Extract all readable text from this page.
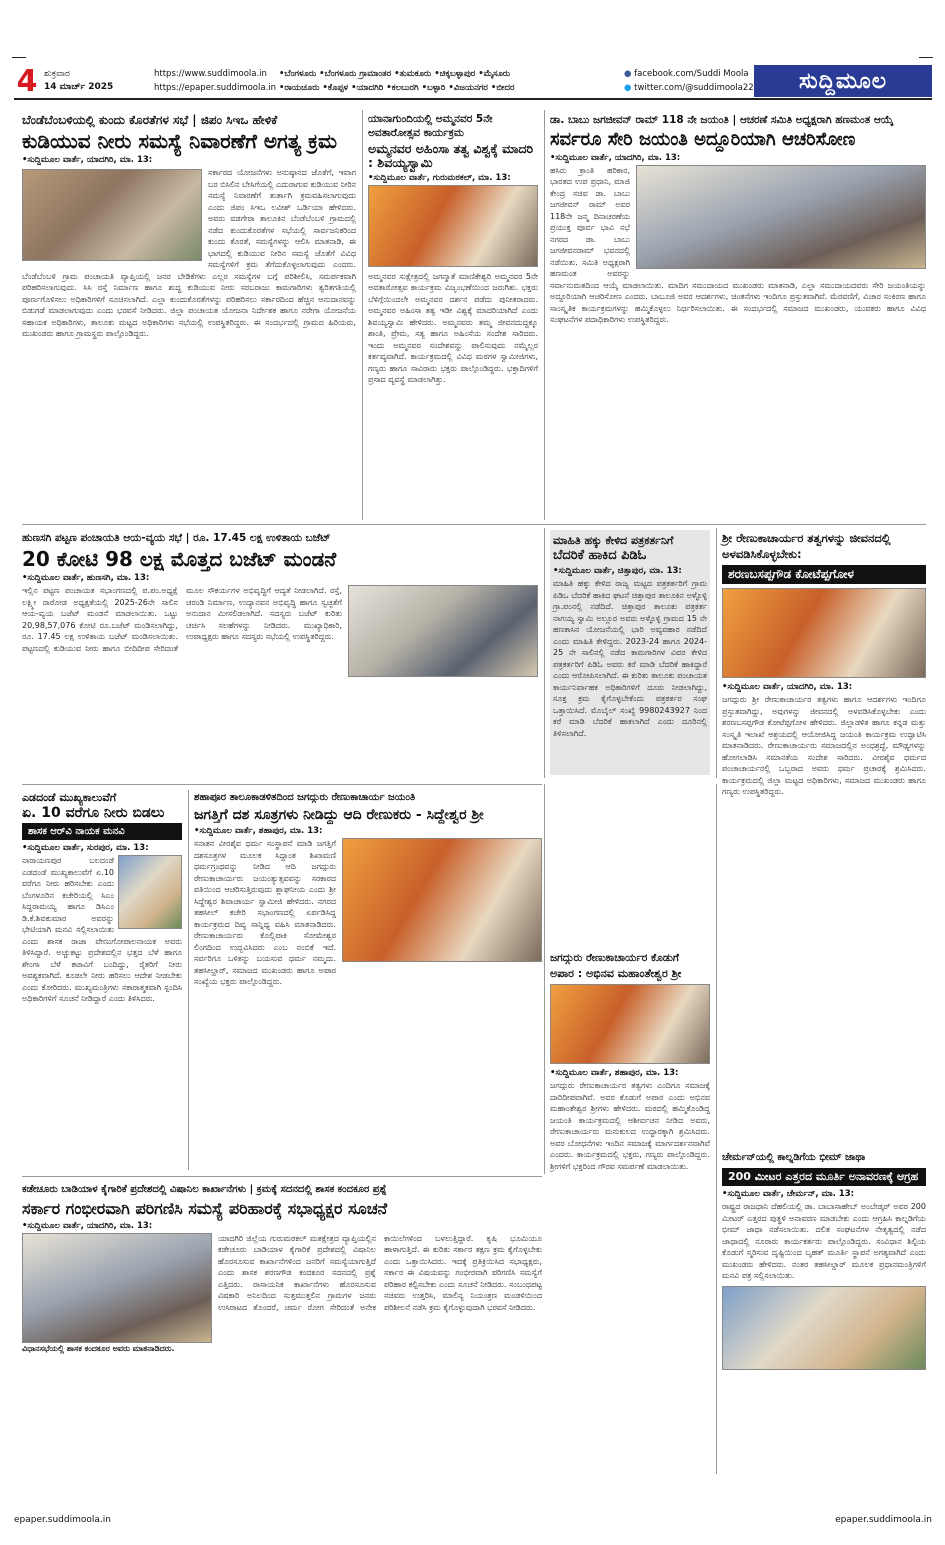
4 ಶುಕ್ರವಾರ
14 ಮಾರ್ಚ್ 2025
https://www.suddimoola.in
https://epaper.suddimoola.in
•ಬೆಂಗಳೂರು •ಬೆಂಗಳೂರು ಗ್ರಾಮಾಂತರ •ತುಮಕೂರು •ಚಿಕ್ಕಬಳ್ಳಾಪುರ •ಮೈಸೂರು
•ರಾಯಚೂರು •ಕೊಪ್ಪಳ •ಯಾದಗಿರಿ •ಕಲಬುರಗಿ •ಬಳ್ಳಾರಿ •ವಿಜಯನಗರ •ಬೀದರ
● facebook.com/Suddi Moola
● twitter.com/@suddimoola22	ಸುದ್ದಿಮೂಲ
ಬೆಂಡೆಬೆಂಬಳಿಯಲ್ಲಿ ಕುಂದು ಕೊರತೆಗಳ ಸಭೆ | ಜಿಪಂ ಸಿಇಒ ಹೇಳಿಕೆ
ಕುಡಿಯುವ ನೀರು ಸಮಸ್ಯೆ ನಿವಾರಣೆಗೆ ಅಗತ್ಯ ಕ್ರಮ
•ಸುದ್ದಿಮೂಲ ವಾರ್ತೆ, ಯಾದಗಿರಿ, ಮಾ. 13:
ಸರ್ಕಾರದ ಯೋಜನೆಗಳು ಅನುಷ್ಠಾನದ ಜೊತೆಗೆ, ಇವಾಗ ಬರ ಬಿಸಿಲಿನ ಬೇಸಿಗೆಯಲ್ಲಿ ಎದುರಾಗುವ ಕುಡಿಯುವ ನೀರಿನ ಸಮಸ್ಯೆ ನಿವಾರಣೆಗೆ ತುರ್ತಾಗಿ ಕ್ರಮವಹಿಸಲಾಗುವುದು ಎಂದು ಜಿಪಂ ಸಿಇಒ ಲವೀಶ್ ಒರ್ಡಿಯಾ ಹೇಳಿದರು. ಅವರು ವಡಗೇರಾ ತಾಲೂಕಿನ ಬೆಂಡೆಬೆಂಬಳಿ ಗ್ರಾಮದಲ್ಲಿ ನಡೆದ ಕುಂದುಕೊರತೆಗಳ ಸಭೆಯಲ್ಲಿ ಸಾರ್ವಜನಿಕರಿಂದ ಕುಂದು ಕೊರತೆ, ಸಮಸ್ಯೆಗಳನ್ನು ಆಲಿಸಿ ಮಾತನಾಡಿ, ಈ ಭಾಗದಲ್ಲಿ ಕುಡಿಯುವ ನೀರಿನ ಸಮಸ್ಯೆ ಜೊತೆಗೆ ವಿವಿಧ ಸಮಸ್ಯೆಗಳಿಗೆ ಕ್ರಮ ತೆಗೆದುಕೊಳ್ಳಲಾಗುವುದು ಎಂದರು. ಬೆಂಡೆಬೆಂಬಳಿ ಗ್ರಾಮ ಪಂಚಾಯತಿ ವ್ಯಾಪ್ತಿಯಲ್ಲಿ ಜನರ ಬೇಡಿಕೆಗಳು ಎಲ್ಲರ ಸಮಸ್ಯೆಗಳ ಬಗ್ಗೆ ಪರಿಶೀಲಿಸಿ, ಸಮರ್ಪಕವಾಗಿ ಪರಿಹರಿಸಲಾಗುವುದು. ಸಿಸಿ ರಸ್ತೆ ನಿರ್ಮಾಣ ಹಾಗೂ ಶುದ್ಧ ಕುಡಿಯುವ ನೀರು ಸರಬರಾಜು ಕಾಮಗಾರಿಗಳು ತ್ವರಿತಗತಿಯಲ್ಲಿ ಪೂರ್ಣಗೊಳಿಸಲು ಅಧಿಕಾರಿಗಳಿಗೆ ಸೂಚಿಸಲಾಗಿದೆ. ಎಲ್ಲಾ ಕುಂದುಕೊರತೆಗಳನ್ನು ಪರಿಹರಿಸಲು ಸರ್ಕಾರದಿಂದ ಹೆಚ್ಚಿನ ಅನುದಾನವನ್ನು ಬಿಡುಗಡೆ ಮಾಡಲಾಗುವುದು ಎಂದು ಭರವಸೆ ನೀಡಿದರು. ಜಿಲ್ಲಾ ಪಂಚಾಯತ ಯೋಜನಾ ನಿರ್ದೇಶಕ ಹಾಗೂ ನರೇಗಾ ಯೋಜನೆಯ ಸಹಾಯಕ ಅಧಿಕಾರಿಗಳು, ತಾಲೂಕು ಮಟ್ಟದ ಅಧಿಕಾರಿಗಳು ಸಭೆಯಲ್ಲಿ ಉಪಸ್ಥಿತರಿದ್ದರು. ಈ ಸಂದರ್ಭದಲ್ಲಿ ಗ್ರಾಮದ ಹಿರಿಯರು, ಮುಖಂಡರು ಹಾಗೂ ಗ್ರಾಮಸ್ಥರು ಪಾಲ್ಗೊಂಡಿದ್ದರು.
ಯಾನಾಗುಂದಿಯಲ್ಲಿ ಅಮ್ಮನವರ 5ನೇ ಅವತಾರೋತ್ಸವ ಕಾರ್ಯಕ್ರಮ
ಅಮ್ಮನವರ ಅಹಿಂಸಾ ತತ್ವ ವಿಶ್ವಕ್ಕೆ ಮಾದರಿ : ಶಿವಯ್ಯಸ್ವಾಮಿ
•ಸುದ್ದಿಮೂಲ ವಾರ್ತೆ, ಗುರುಮಠಕಲ್, ಮಾ. 13:
ಅಮ್ಮನವರ ಸುಕ್ಷೇತ್ರದಲ್ಲಿ ಜಗನ್ಮಾತೆ ಮಾಣಿಕೇಶ್ವರಿ ಅಮ್ಮನವರ 5ನೇ ಅವತಾರೋತ್ಸವ ಕಾರ್ಯಕ್ರಮ ವಿಜೃಂಭಣೆಯಿಂದ ಜರುಗಿತು. ಭಕ್ತರು ಬೆಳಿಗ್ಗೆಯಿಂದಲೇ ಅಮ್ಮನವರ ದರ್ಶನ ಪಡೆದು ಪುನೀತರಾದರು. ಅಮ್ಮನವರ ಅಹಿಂಸಾ ತತ್ವ ಇಡೀ ವಿಶ್ವಕ್ಕೆ ಮಾದರಿಯಾಗಿದೆ ಎಂದು ಶಿವಯ್ಯಸ್ವಾಮಿ ಹೇಳಿದರು. ಅಮ್ಮನವರು ತಮ್ಮ ಜೀವನದುದ್ದಕ್ಕೂ ಶಾಂತಿ, ಪ್ರೇಮ, ಸತ್ಯ ಹಾಗೂ ಅಹಿಂಸೆಯ ಸಂದೇಶ ಸಾರಿದರು. ಇಂದು ಅಮ್ಮನವರ ಸಂದೇಶವನ್ನು ಪಾಲಿಸುವುದು ನಮ್ಮೆಲ್ಲರ ಕರ್ತವ್ಯವಾಗಿದೆ. ಕಾರ್ಯಕ್ರಮದಲ್ಲಿ ವಿವಿಧ ಮಠಗಳ ಸ್ವಾಮೀಜಿಗಳು, ಗಣ್ಯರು ಹಾಗೂ ಸಾವಿರಾರು ಭಕ್ತರು ಪಾಲ್ಗೊಂಡಿದ್ದರು. ಭಕ್ತಾದಿಗಳಿಗೆ ಪ್ರಸಾದ ವ್ಯವಸ್ಥೆ ಮಾಡಲಾಗಿತ್ತು.
ಡಾ. ಬಾಬು ಜಗಜೀವನ್ ರಾಮ್ 118 ನೇ ಜಯಂತಿ | ಆಚರಣೆ ಸಮಿತಿ ಅಧ್ಯಕ್ಷರಾಗಿ ಹಣಮಂತ ಆಯ್ಕೆ
ಸರ್ವರೂ ಸೇರಿ ಜಯಂತಿ ಅದ್ದೂರಿಯಾಗಿ ಆಚರಿಸೋಣ
•ಸುದ್ದಿಮೂಲ ವಾರ್ತೆ, ಯಾದಗಿರಿ, ಮಾ. 13:
ಹಸಿರು ಕ್ರಾಂತಿ ಹರಿಕಾರ, ಭಾರತದ ಉಪ ಪ್ರಧಾನಿ, ಮಾಜಿ ಕೇಂದ್ರ ಸಚಿವ ಡಾ. ಬಾಬು ಜಗಜೀವನ್ ರಾಮ್ ಅವರ 118ನೇ ಜನ್ಮ ದಿನಾಚರಣೆಯ ಪ್ರಯುಕ್ತ ಪೂರ್ವ ಭಾವಿ ಸಭೆ ನಗರದ ಡಾ. ಬಾಬು ಜಗಜೀವನರಾಮ್ ಭವನದಲ್ಲಿ ನಡೆಯಿತು. ಸಮಿತಿ ಅಧ್ಯಕ್ಷರಾಗಿ ಹಣಮಂತ ಅವರನ್ನು ಸರ್ವಾನುಮತದಿಂದ ಆಯ್ಕೆ ಮಾಡಲಾಯಿತು. ಮಾದಿಗ ಸಮುದಾಯದ ಮುಖಂಡರು ಮಾತನಾಡಿ, ಎಲ್ಲಾ ಸಮುದಾಯದವರು ಸೇರಿ ಜಯಂತಿಯನ್ನು ಅದ್ದೂರಿಯಾಗಿ ಆಚರಿಸೋಣ ಎಂದರು. ಬಾಬೂಜಿ ಅವರ ಆದರ್ಶಗಳು, ಚಿಂತನೆಗಳು ಇಂದಿಗೂ ಪ್ರಸ್ತುತವಾಗಿವೆ. ಮೆರವಣಿಗೆ, ವಿಚಾರ ಸಂಕಿರಣ ಹಾಗೂ ಸಾಂಸ್ಕೃತಿಕ ಕಾರ್ಯಕ್ರಮಗಳನ್ನು ಹಮ್ಮಿಕೊಳ್ಳಲು ನಿರ್ಧರಿಸಲಾಯಿತು. ಈ ಸಂದರ್ಭದಲ್ಲಿ ಸಮಾಜದ ಮುಖಂಡರು, ಯುವಕರು ಹಾಗೂ ವಿವಿಧ ಸಂಘಟನೆಗಳ ಪದಾಧಿಕಾರಿಗಳು ಉಪಸ್ಥಿತರಿದ್ದರು.
ಹುಣಸಗಿ ಪಟ್ಟಣ ಪಂಚಾಯತಿ ಆಯ-ವ್ಯಯ ಸಭೆ | ರೂ. 17.45 ಲಕ್ಷ ಉಳಿತಾಯ ಬಜೆಟ್
20 ಕೋಟಿ 98 ಲಕ್ಷ ಮೊತ್ತದ ಬಜೆಟ್ ಮಂಡನೆ
•ಸುದ್ದಿಮೂಲ ವಾರ್ತೆ, ಹುಣಸಗಿ, ಮಾ. 13:
ಇಲ್ಲಿನ ಪಟ್ಟಣ ಪಂಚಾಯತ ಸಭಾಂಗಣದಲ್ಲಿ ಪ.ಪಂ.ಅಧ್ಯಕ್ಷೆ ಲಕ್ಷ್ಮೀ ರಾಠೋಡ ಅಧ್ಯಕ್ಷತೆಯಲ್ಲಿ 2025-26ನೇ ಸಾಲಿನ ಆಯ-ವ್ಯಯ ಬಜೆಟ್ ಮಂಡನೆ ಮಾಡಲಾಯಿತು. ಒಟ್ಟು 20,98,57,076 ಕೋಟಿ ರೂ.ಬಜೆಟ್ ಮಂಡಿಸಲಾಗಿದ್ದು, ರೂ. 17.45 ಲಕ್ಷ ಉಳಿತಾಯ ಬಜೆಟ್ ಮಂಡಿಸಲಾಯಿತು. ಪಟ್ಟಣದಲ್ಲಿ ಕುಡಿಯುವ ನೀರು ಹಾಗೂ ಬೀದಿದೀಪ ಸೇರಿದಂತೆ ಮೂಲ ಸೌಕರ್ಯಗಳ ಅಭಿವೃದ್ಧಿಗೆ ಆದ್ಯತೆ ನೀಡಲಾಗಿದೆ. ರಸ್ತೆ, ಚರಂಡಿ ನಿರ್ಮಾಣ, ಉದ್ಯಾನವನ ಅಭಿವೃದ್ಧಿ ಹಾಗೂ ಸ್ವಚ್ಛತೆಗೆ ಅನುದಾನ ಮೀಸಲಿಡಲಾಗಿದೆ. ಸದಸ್ಯರು ಬಜೆಟ್ ಕುರಿತು ಚರ್ಚಿಸಿ ಸಲಹೆಗಳನ್ನು ನೀಡಿದರು. ಮುಖ್ಯಾಧಿಕಾರಿ, ಉಪಾಧ್ಯಕ್ಷರು ಹಾಗೂ ಸದಸ್ಯರು ಸಭೆಯಲ್ಲಿ ಉಪಸ್ಥಿತರಿದ್ದರು.
ಮಾಹಿತಿ ಹಕ್ಕು ಕೇಳಿದ ಪತ್ರಕರ್ತನಿಗೆ
ಬೆದರಿಕೆ ಹಾಕಿದ ಪಿಡಿಓ
•ಸುದ್ದಿಮೂಲ ವಾರ್ತೆ, ಚಿತ್ತಾಪುರ, ಮಾ. 13:
ಮಾಹಿತಿ ಹಕ್ಕು ಕೇಳಿದ ರಾಜ್ಯ ಮಟ್ಟದ ಪತ್ರಕರ್ತರಿಗೆ ಗ್ರಾಮ ಪಿಡಿಒ ಬೆದರಿಕೆ ಹಾಕಿದ ಘಟನೆ ಚಿತ್ತಾಪುರ ತಾಲೂಕಿನ ಅಳ್ಳೊಳ್ಳಿ ಗ್ರಾ.ಪಂನಲ್ಲಿ ನಡೆದಿದೆ. ಚಿತ್ತಾಪುರ ತಾಲೂಕು ಪತ್ರಕರ್ತ ನಾಗಯ್ಯ ಸ್ವಾಮಿ ಅಲ್ಲೂರ ಅವರು ಅಳ್ಳೊಳ್ಳಿ ಗ್ರಾಮದ 15 ನೇ ಹಣಕಾಸಿನ ಯೋಜನೆಯಲ್ಲಿ ಭಾರಿ ಅವ್ಯವಹಾರ ನಡೆದಿದೆ ಎಂದು ಮಾಹಿತಿ ಕೇಳಿದ್ದರು. 2023-24 ಹಾಗೂ 2024-25 ನೇ ಸಾಲಿನಲ್ಲಿ ನಡೆದ ಕಾಮಗಾರಿಗಳ ವಿವರ ಕೇಳಿದ ಪತ್ರಕರ್ತರಿಗೆ ಪಿಡಿಓ ಅವರು ಕರೆ ಮಾಡಿ ಬೆದರಿಕೆ ಹಾಕಿದ್ದಾರೆ ಎಂದು ಆರೋಪಿಸಲಾಗಿದೆ. ಈ ಕುರಿತು ತಾಲೂಕು ಪಂಚಾಯತ ಕಾರ್ಯನಿರ್ವಾಹಕ ಅಧಿಕಾರಿಗಳಿಗೆ ದೂರು ನೀಡಲಾಗಿದ್ದು, ಸೂಕ್ತ ಕ್ರಮ ಕೈಗೊಳ್ಳಬೇಕೆಂದು ಪತ್ರಕರ್ತರ ಸಂಘ ಒತ್ತಾಯಿಸಿದೆ. ಮೊಬೈಲ್ ಸಂಖ್ಯೆ 9980243927 ನಿಂದ ಕರೆ ಮಾಡಿ ಬೆದರಿಕೆ ಹಾಕಲಾಗಿದೆ ಎಂದು ದೂರಿನಲ್ಲಿ ತಿಳಿಸಲಾಗಿದೆ.
ಶ್ರೀ ರೇಣುಕಾಚಾರ್ಯರ ತತ್ವಗಳನ್ನು ಜೀವನದಲ್ಲಿ ಅಳವಡಿಸಿಕೊಳ್ಳಬೇಕು:
ಶರಣಬಸಪ್ಪಗೌಡ ಕೋಟೆಪ್ಪಗೋಳ
•ಸುದ್ದಿಮೂಲ ವಾರ್ತೆ, ಯಾದಗಿರಿ, ಮಾ. 13:
ಜಗದ್ಗುರು ಶ್ರೀ ರೇಣುಕಾಚಾರ್ಯರ ತತ್ವಗಳು ಹಾಗೂ ಆದರ್ಶಗಳು ಇಂದಿಗೂ ಪ್ರಸ್ತುತವಾಗಿದ್ದು, ಅವುಗಳನ್ನು ಜೀವನದಲ್ಲಿ ಅಳವಡಿಸಿಕೊಳ್ಳಬೇಕು ಎಂದು ಶರಣಬಸಪ್ಪಗೌಡ ಕೋಟೆಪ್ಪಗೋಳ ಹೇಳಿದರು. ಜಿಲ್ಲಾಡಳಿತ ಹಾಗೂ ಕನ್ನಡ ಮತ್ತು ಸಂಸ್ಕೃತಿ ಇಲಾಖೆ ಆಶ್ರಯದಲ್ಲಿ ಆಯೋಜಿಸಿದ್ದ ಜಯಂತಿ ಕಾರ್ಯಕ್ರಮ ಉದ್ಘಾಟಿಸಿ ಮಾತನಾಡಿದರು. ರೇಣುಕಾಚಾರ್ಯರು ಸಮಾಜದಲ್ಲಿನ ಅಂಧಶ್ರದ್ಧೆ, ಮೌಢ್ಯಗಳನ್ನು ಹೋಗಲಾಡಿಸಿ ಸಮಾನತೆಯ ಸಂದೇಶ ಸಾರಿದರು. ವೀರಶೈವ ಧರ್ಮದ ಪಂಚಾಚಾರ್ಯರಲ್ಲಿ ಒಬ್ಬರಾದ ಅವರು ಧರ್ಮ ಪ್ರಚಾರಕ್ಕೆ ಶ್ರಮಿಸಿದರು. ಕಾರ್ಯಕ್ರಮದಲ್ಲಿ ಜಿಲ್ಲಾ ಮಟ್ಟದ ಅಧಿಕಾರಿಗಳು, ಸಮಾಜದ ಮುಖಂಡರು ಹಾಗೂ ಗಣ್ಯರು ಉಪಸ್ಥಿತರಿದ್ದರು.
ಎಡದಂಡೆ ಮುಖ್ಯಕಾಲುವೆಗೆ
ಏ. 10 ವರೆಗೂ ನೀರು ಬಿಡಲು
ಶಾಸಕ ಆರ್‌ವಿ ನಾಯಕ ಮನವಿ
•ಸುದ್ದಿಮೂಲ ವಾರ್ತೆ, ಸುರಪುರ, ಮಾ. 13:
ನಾರಾಯಣಪುರ ಬಲದಂಡೆ ಎಡದಂಡೆ ಮುಖ್ಯಕಾಲುವೆಗೆ ಏ.10 ವರೆಗೂ ನೀರು ಹರಿಸಬೇಕು ಎಂದು ಬೆಂಗಳೂರಿನ ಕಚೇರಿಯಲ್ಲಿ ಸಿಎಂ ಸಿದ್ದರಾಮಯ್ಯ ಹಾಗೂ ಡಿಸಿಎಂ ಡಿ.ಕೆ.ಶಿವಕುಮಾರ ಅವರನ್ನು ಭೇಟಿಯಾಗಿ ಮನವಿ ಸಲ್ಲಿಸಲಾಯಿತು ಎಂದು ಶಾಸಕ ರಾಜಾ ವೇಣುಗೋಪಾಲನಾಯಕ ಅವರು ತಿಳಿಸಿದ್ದಾರೆ. ಅಚ್ಚುಕಟ್ಟು ಪ್ರದೇಶದಲ್ಲಿನ ಭತ್ತದ ಬೆಳೆ ಹಾಗೂ ಶೇಂಗಾ ಬೆಳೆ ಕಟಾವಿಗೆ ಬಂದಿದ್ದು, ರೈತರಿಗೆ ನೀರು ಅವಶ್ಯಕವಾಗಿದೆ. ಕೂಡಲೇ ನೀರು ಹರಿಸಲು ಆದೇಶ ನೀಡಬೇಕು ಎಂದು ಕೋರಿದರು. ಮುಖ್ಯಮಂತ್ರಿಗಳು ಸಕಾರಾತ್ಮಕವಾಗಿ ಸ್ಪಂದಿಸಿ ಅಧಿಕಾರಿಗಳಿಗೆ ಸೂಚನೆ ನೀಡಿದ್ದಾರೆ ಎಂದು ತಿಳಿಸಿದರು.
ಶಹಾಪೂರ ತಾಲೂಕಾಡಳಿತದಿಂದ ಜಗದ್ಗುರು ರೇಣುಕಾಚಾರ್ಯ ಜಯಂತಿ
ಜಗತ್ತಿಗೆ ದಶ ಸೂತ್ರಗಳು ನೀಡಿದ್ದು ಆದಿ ರೇಣುಕರು - ಸಿದ್ದೇಶ್ವರ ಶ್ರೀ
•ಸುದ್ದಿಮೂಲ ವಾರ್ತೆ, ಶಹಾಪುರ, ಮಾ. 13:
ಸನಾತನ ವೀರಶೈವ ಧರ್ಮ ಸಂಸ್ಥಾಪನೆ ಮಾಡಿ ಜಗತ್ತಿಗೆ ದಶಸೂತ್ರಗಳ ಮೂಲಕ ಸಿದ್ಧಾಂತ ಶಿಖಾಮಣಿ ಧರ್ಮಗ್ರಂಥವನ್ನು ನೀಡಿದ ಆದಿ ಜಗದ್ಗುರು ರೇಣುಕಾಚಾರ್ಯರು ಜಯಂತ್ಯುತ್ಸವವನ್ನು ಸರಕಾರದ ವತಿಯಿಂದ ಆಚರಿಸುತ್ತಿರುವುದು ಶ್ಲಾಘನೀಯ ಎಂದು ಶ್ರೀ ಸಿದ್ದೇಶ್ವರ ಶಿವಾಚಾರ್ಯ ಸ್ವಾಮೀಜಿ ಹೇಳಿದರು. ನಗರದ ತಹಸೀಲ್ ಕಚೇರಿ ಸಭಾಂಗಣದಲ್ಲಿ ಏರ್ಪಡಿಸಿದ್ದ ಕಾರ್ಯಕ್ರಮದ ದಿವ್ಯ ಸಾನ್ನಿಧ್ಯ ವಹಿಸಿ ಮಾತನಾಡಿದರು. ರೇಣುಕಾಚಾರ್ಯರು ಕೊಲ್ಲಿಪಾಕಿ ಸೋಮೇಶ್ವರ ಲಿಂಗದಿಂದ ಉದ್ಭವಿಸಿದರು ಎಂಬ ನಂಬಿಕೆ ಇದೆ. ಸರ್ವರಿಗೂ ಒಳಿತನ್ನು ಬಯಸುವ ಧರ್ಮ ನಮ್ಮದು. ತಹಸೀಲ್ದಾರ್, ಸಮಾಜದ ಮುಖಂಡರು ಹಾಗೂ ಅಪಾರ ಸಂಖ್ಯೆಯ ಭಕ್ತರು ಪಾಲ್ಗೊಂಡಿದ್ದರು.
ಜಗದ್ಗುರು ರೇಣುಕಾಚಾರ್ಯರ ಕೊಡುಗೆ
ಅಪಾರ : ಅಭಿನವ ಮಹಾಂತೇಶ್ವರ ಶ್ರೀ
•ಸುದ್ದಿಮೂಲ ವಾರ್ತೆ, ಶಹಾಪುರ, ಮಾ. 13:
ಜಗದ್ಗುರು ರೇಣುಕಾಚಾರ್ಯರ ತತ್ವಗಳು ಎಂದಿಗೂ ಸಮಾಜಕ್ಕೆ ದಾರಿದೀಪವಾಗಿವೆ. ಅವರ ಕೊಡುಗೆ ಅಪಾರ ಎಂದು ಅಭಿನವ ಮಹಾಂತೇಶ್ವರ ಶ್ರೀಗಳು ಹೇಳಿದರು. ಮಠದಲ್ಲಿ ಹಮ್ಮಿಕೊಂಡಿದ್ದ ಜಯಂತಿ ಕಾರ್ಯಕ್ರಮದಲ್ಲಿ ಆಶೀರ್ವಚನ ನೀಡಿದ ಅವರು, ರೇಣುಕಾಚಾರ್ಯರು ಮನುಕುಲದ ಉದ್ಧಾರಕ್ಕಾಗಿ ಶ್ರಮಿಸಿದರು. ಅವರ ಬೋಧನೆಗಳು ಇಂದಿನ ಸಮಾಜಕ್ಕೆ ಮಾರ್ಗದರ್ಶನವಾಗಿವೆ ಎಂದರು. ಕಾರ್ಯಕ್ರಮದಲ್ಲಿ ಭಕ್ತರು, ಗಣ್ಯರು ಪಾಲ್ಗೊಂಡಿದ್ದರು. ಶ್ರೀಗಳಿಗೆ ಭಕ್ತರಿಂದ ಗೌರವ ಸಮರ್ಪಣೆ ಮಾಡಲಾಯಿತು.
ಚೇರ್ಮನ್‌ಯಲ್ಲಿ ಕಾಲ್ನಡಿಗೆಯ ಭೀಮ್ ಜಾಥಾ
200 ಮೀಟರ ಎತ್ತರದ ಮೂರ್ತಿ ಅನಾವರಣಕ್ಕೆ ಆಗ್ರಹ
•ಸುದ್ದಿಮೂಲ ವಾರ್ತೆ, ಚೇರ್ಮನ್, ಮಾ. 13:
ರಾಷ್ಟ್ರದ ರಾಜಧಾನಿ ದೆಹಲಿಯಲ್ಲಿ ಡಾ. ಬಾಬಾಸಾಹೇಬ್ ಅಂಬೇಡ್ಕರ್ ಅವರ 200 ಮೀಟರ್ ಎತ್ತರದ ಪುತ್ಥಳಿ ಅನಾವರಣ ಮಾಡಬೇಕು ಎಂದು ಆಗ್ರಹಿಸಿ ಕಾಲ್ನಡಿಗೆಯ ಭೀಮ್ ಜಾಥಾ ನಡೆಸಲಾಯಿತು. ದಲಿತ ಸಂಘಟನೆಗಳ ನೇತೃತ್ವದಲ್ಲಿ ನಡೆದ ಜಾಥಾದಲ್ಲಿ ನೂರಾರು ಕಾರ್ಯಕರ್ತರು ಪಾಲ್ಗೊಂಡಿದ್ದರು. ಸಂವಿಧಾನ ಶಿಲ್ಪಿಯ ಕೊಡುಗೆ ಸ್ಮರಿಸುವ ದೃಷ್ಟಿಯಿಂದ ಬೃಹತ್ ಮೂರ್ತಿ ಸ್ಥಾಪನೆ ಅಗತ್ಯವಾಗಿದೆ ಎಂದು ಮುಖಂಡರು ಹೇಳಿದರು. ನಂತರ ತಹಸೀಲ್ದಾರ್ ಮೂಲಕ ಪ್ರಧಾನಮಂತ್ರಿಗಳಿಗೆ ಮನವಿ ಪತ್ರ ಸಲ್ಲಿಸಲಾಯಿತು.
ಕಡೇಚೂರು ಬಾಡಿಯಾಳ ಕೈಗಾರಿಕೆ ಪ್ರದೇಶದಲ್ಲಿ ವಿಷಾನಿಲ ಕಾರ್ಖಾನೆಗಳು | ಕ್ರಮಕ್ಕೆ ಸದನದಲ್ಲಿ ಶಾಸಕ ಕಂದಕೂರ ಪ್ರಶ್ನೆ
ಸರ್ಕಾರ ಗಂಭೀರವಾಗಿ ಪರಿಗಣಿಸಿ ಸಮಸ್ಯೆ ಪರಿಹಾರಕ್ಕೆ ಸಭಾಧ್ಯಕ್ಷರ ಸೂಚನೆ
•ಸುದ್ದಿಮೂಲ ವಾರ್ತೆ, ಯಾದಗಿರಿ, ಮಾ. 13:
ವಿಧಾನಸಭೆಯಲ್ಲಿ ಶಾಸಕ ಕಂದಕೂರ ಅವರು ಮಾತನಾಡಿದರು.
ಯಾದಗಿರಿ ಜಿಲ್ಲೆಯ ಗುರುಮಠಕಲ್ ಮತಕ್ಷೇತ್ರದ ವ್ಯಾಪ್ತಿಯಲ್ಲಿನ ಕಡೇಚೂರು ಬಾಡಿಯಾಳ ಕೈಗಾರಿಕೆ ಪ್ರದೇಶದಲ್ಲಿ ವಿಷಾನಿಲ ಹೊರಸೂಸುವ ಕಾರ್ಖಾನೆಗಳಿಂದ ಜನರಿಗೆ ಸಮಸ್ಯೆಯಾಗುತ್ತಿದೆ ಎಂದು ಶಾಸಕ ಶರಣಗೌಡ ಕಂದಕೂರ ಸದನದಲ್ಲಿ ಪ್ರಶ್ನೆ ಎತ್ತಿದರು. ರಾಸಾಯನಿಕ ಕಾರ್ಖಾನೆಗಳು ಹೊರಸೂಸುವ ವಿಷಕಾರಿ ಅನಿಲದಿಂದ ಸುತ್ತಮುತ್ತಲಿನ ಗ್ರಾಮಗಳ ಜನರು ಉಸಿರಾಟದ ತೊಂದರೆ, ಚರ್ಮ ರೋಗ ಸೇರಿದಂತೆ ಅನೇಕ ಕಾಯಿಲೆಗಳಿಂದ ಬಳಲುತ್ತಿದ್ದಾರೆ. ಕೃಷಿ ಭೂಮಿಯೂ ಹಾಳಾಗುತ್ತಿದೆ. ಈ ಕುರಿತು ಸರ್ಕಾರ ತಕ್ಷಣ ಕ್ರಮ ಕೈಗೊಳ್ಳಬೇಕು ಎಂದು ಒತ್ತಾಯಿಸಿದರು. ಇದಕ್ಕೆ ಪ್ರತಿಕ್ರಿಯಿಸಿದ ಸಭಾಧ್ಯಕ್ಷರು, ಸರ್ಕಾರ ಈ ವಿಷಯವನ್ನು ಗಂಭೀರವಾಗಿ ಪರಿಗಣಿಸಿ ಸಮಸ್ಯೆಗೆ ಪರಿಹಾರ ಕಲ್ಪಿಸಬೇಕು ಎಂದು ಸೂಚನೆ ನೀಡಿದರು. ಸಂಬಂಧಪಟ್ಟ ಸಚಿವರು ಉತ್ತರಿಸಿ, ಮಾಲಿನ್ಯ ನಿಯಂತ್ರಣ ಮಂಡಳಿಯಿಂದ ಪರಿಶೀಲನೆ ನಡೆಸಿ ಕ್ರಮ ಕೈಗೊಳ್ಳುವುದಾಗಿ ಭರವಸೆ ನೀಡಿದರು.
epaper.suddimoola.in	epaper.suddimoola.in
